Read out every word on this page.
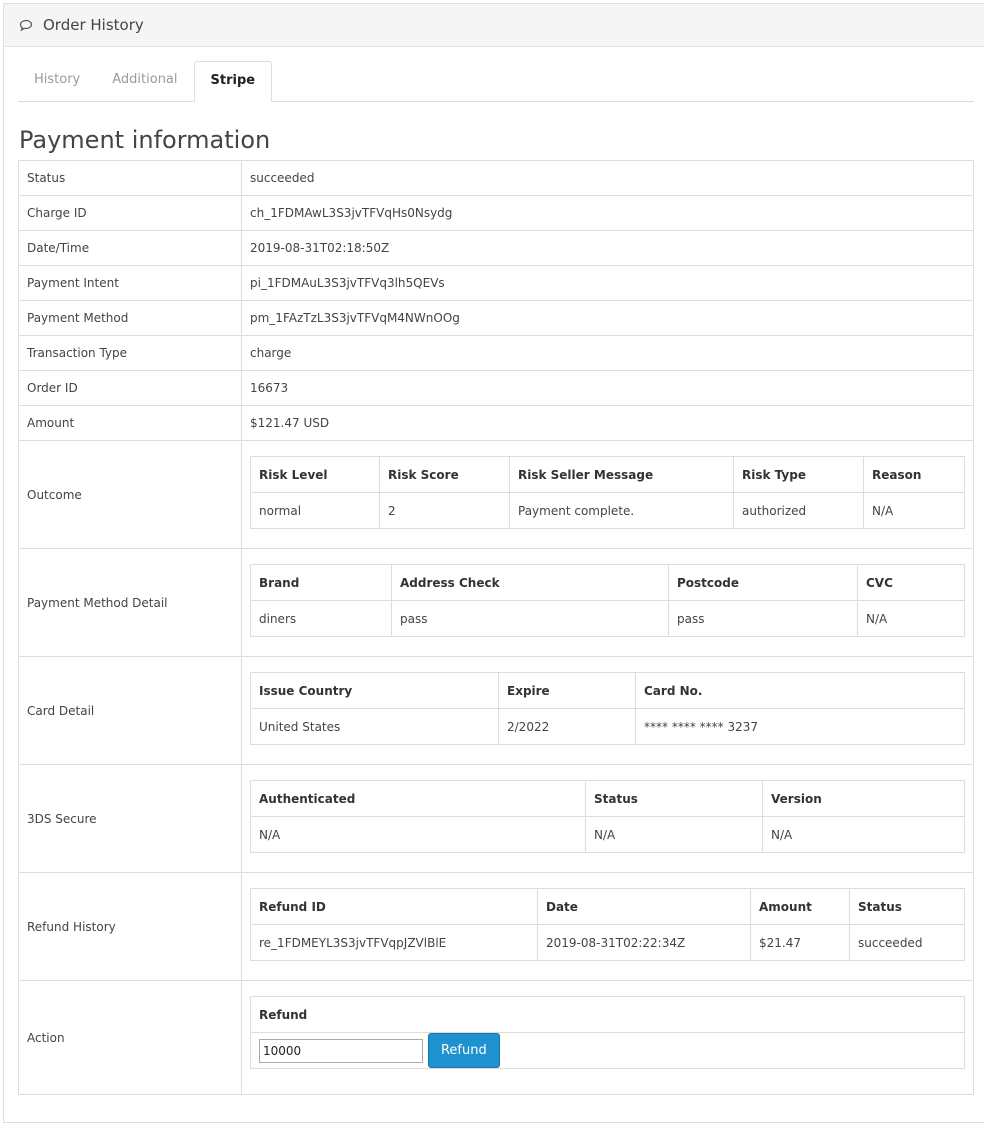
Order History
History	Additional	Stripe
Payment information
Status	succeeded
Charge ID	ch_1FDMAwL3S3jvTFVqHs0Nsydg
Date/Time	2019-08-31T02:18:50Z
Payment Intent	pi_1FDMAuL3S3jvTFVq3lh5QEVs
Payment Method	pm_1FAzTzL3S3jvTFVqM4NWnOOg
Transaction Type	charge
Order ID	16673
Amount	$121.47 USD
Outcome	
Risk Level	Risk Score	Risk Seller Message	Risk Type	Reason
normal	2	Payment complete.	authorized	N/A

Payment Method Detail	
Brand	Address Check	Postcode	CVC
diners	pass	pass	N/A

Card Detail	
Issue Country	Expire	Card No.
United States	2/2022	**** **** **** 3237

3DS Secure	
Authenticated	Status	Version
N/A	N/A	N/A

Refund History	
Refund ID	Date	Amount	Status
re_1FDMEYL3S3jvTFVqpJZVlBlE	2019-08-31T02:22:34Z	$21.47	succeeded

Action	
Refund
10000 Refund
